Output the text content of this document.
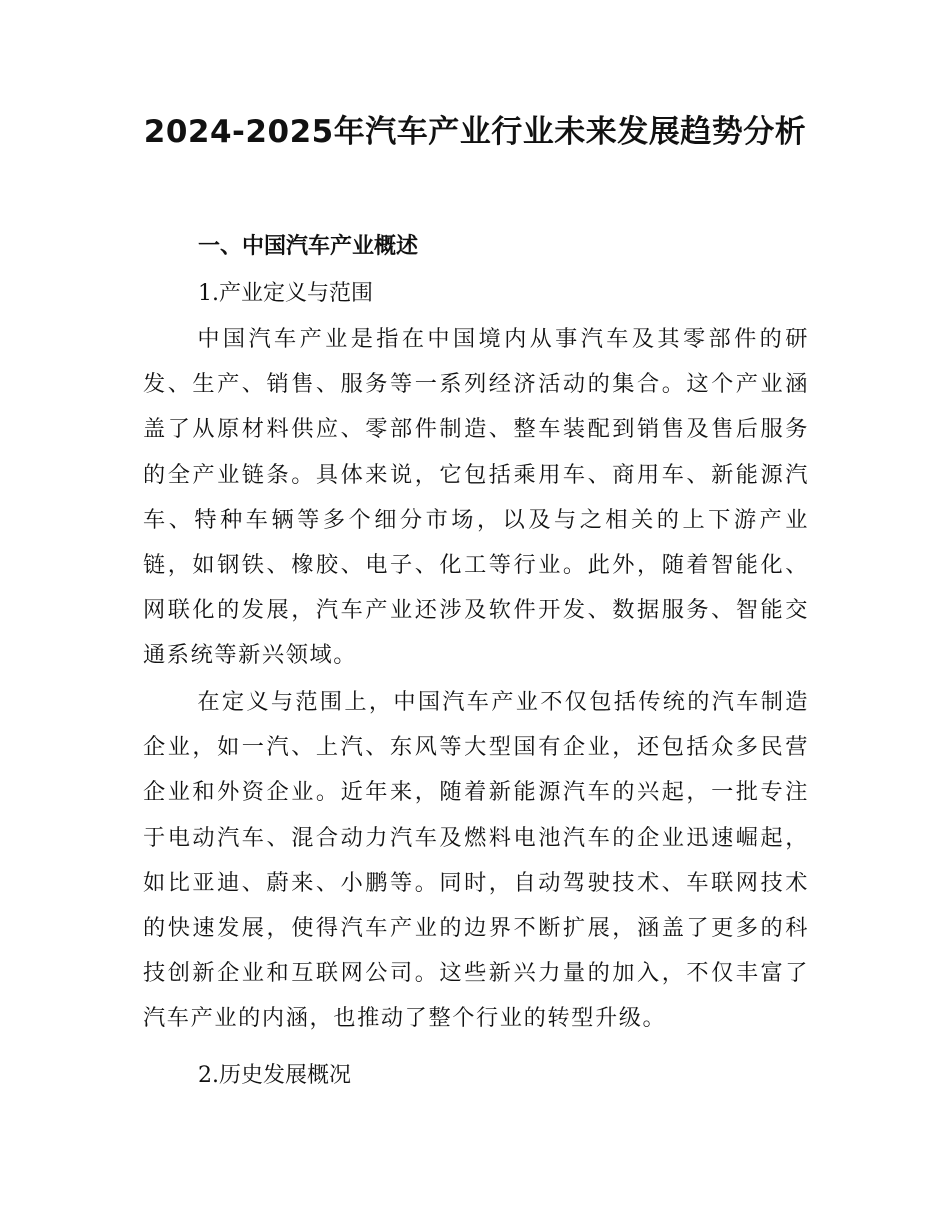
2024-2025年汽车产业行业未来发展趋势分析
一、中国汽车产业概述
1.产业定义与范围

中国汽车产业是指在中国境内从事汽车及其零部件的研发、生产、销售、服务等一系列经济活动的集合。这个产业涵盖了从原材料供应、零部件制造、整车装配到销售及售后服务的全产业链条。具体来说，它包括乘用车、商用车、新能源汽车、特种车辆等多个细分市场，以及与之相关的上下游产业链，如钢铁、橡胶、电子、化工等行业。此外，随着智能化、网联化的发展，汽车产业还涉及软件开发、数据服务、智能交通系统等新兴领域。

在定义与范围上，中国汽车产业不仅包括传统的汽车制造企业，如一汽、上汽、东风等大型国有企业，还包括众多民营企业和外资企业。近年来，随着新能源汽车的兴起，一批专注于电动汽车、混合动力汽车及燃料电池汽车的企业迅速崛起，如比亚迪、蔚来、小鹏等。同时，自动驾驶技术、车联网技术的快速发展，使得汽车产业的边界不断扩展，涵盖了更多的科技创新企业和互联网公司。这些新兴力量的加入，不仅丰富了汽车产业的内涵，也推动了整个行业的转型升级。

2.历史发展概况
